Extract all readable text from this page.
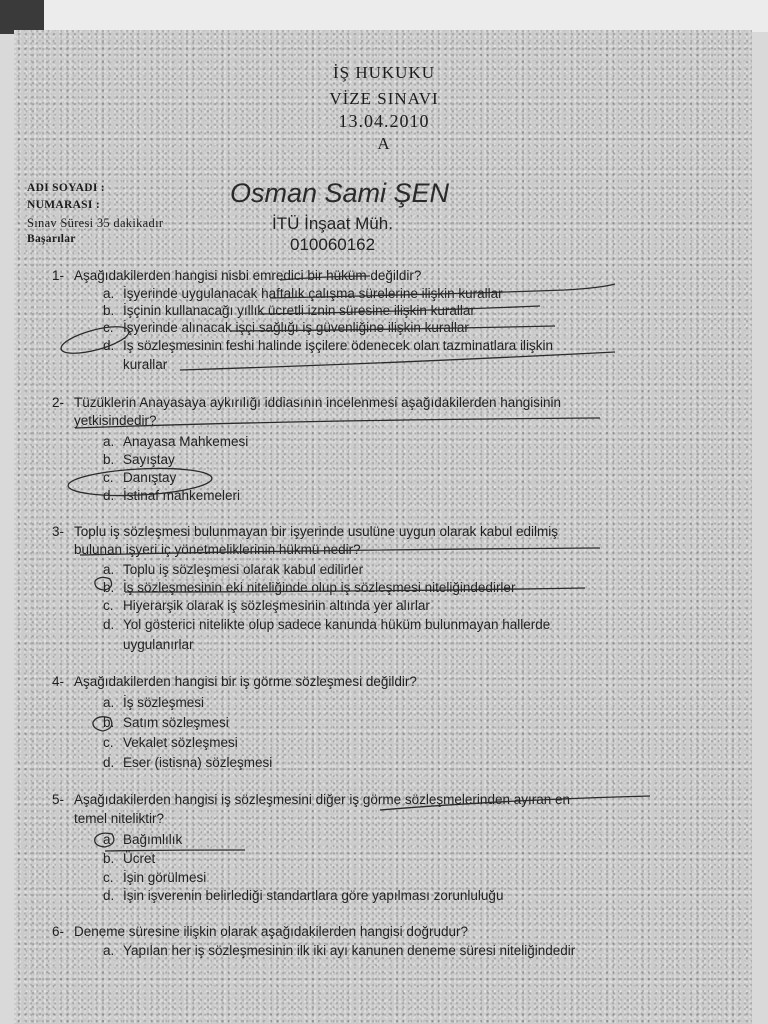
İŞ HUKUKU
VİZE SINAVI
13.04.2010
A
ADI SOYADI :
NUMARASI :
Sınav Süresi 35 dakikadır
Başarılar
Osman Sami ŞEN
İTÜ İnşaat Müh.
010060162
1- Aşağıdakilerden hangisi nisbi emredici bir hüküm değildir?
a. İşyerinde uygulanacak haftalık çalışma sürelerine ilişkin kurallar
b. İşçinin kullanacağı yıllık ücretli iznin süresine ilişkin kurallar
c. İşyerinde alınacak işçi sağlığı iş güvenliğine ilişkin kurallar
d. İş sözleşmesinin feshi halinde işçilere ödenecek olan tazminatlara ilişkin
kurallar
2- Tüzüklerin Anayasaya aykırılığı iddiasının incelenmesi aşağıdakilerden hangisinin
yetkisindedir?
a. Anayasa Mahkemesi
b. Sayıştay
c. Danıştay
d. İstinaf mahkemeleri
3- Toplu iş sözleşmesi bulunmayan bir işyerinde usulüne uygun olarak kabul edilmiş
bulunan işyeri iç yönetmeliklerinin hükmü nedir?
a. Toplu iş sözleşmesi olarak kabul edilirler
b. İş sözleşmesinin eki niteliğinde olup iş sözleşmesi niteliğindedirler
c. Hiyerarşik olarak iş sözleşmesinin altında yer alırlar
d. Yol gösterici nitelikte olup sadece kanunda hüküm bulunmayan hallerde
uygulanırlar
4- Aşağıdakilerden hangisi bir iş görme sözleşmesi değildir?
a. İş sözleşmesi
b. Satım sözleşmesi
c. Vekalet sözleşmesi
d. Eser (istisna) sözleşmesi
5- Aşağıdakilerden hangisi iş sözleşmesini diğer iş görme sözleşmelerinden ayıran en
temel niteliktir?
a. Bağımlılık
b. Ücret
c. İşin görülmesi
d. İşin işverenin belirlediği standartlara göre yapılması zorunluluğu
6- Deneme süresine ilişkin olarak aşağıdakilerden hangisi doğrudur?
a. Yapılan her iş sözleşmesinin ilk iki ayı kanunen deneme süresi niteliğindedir
